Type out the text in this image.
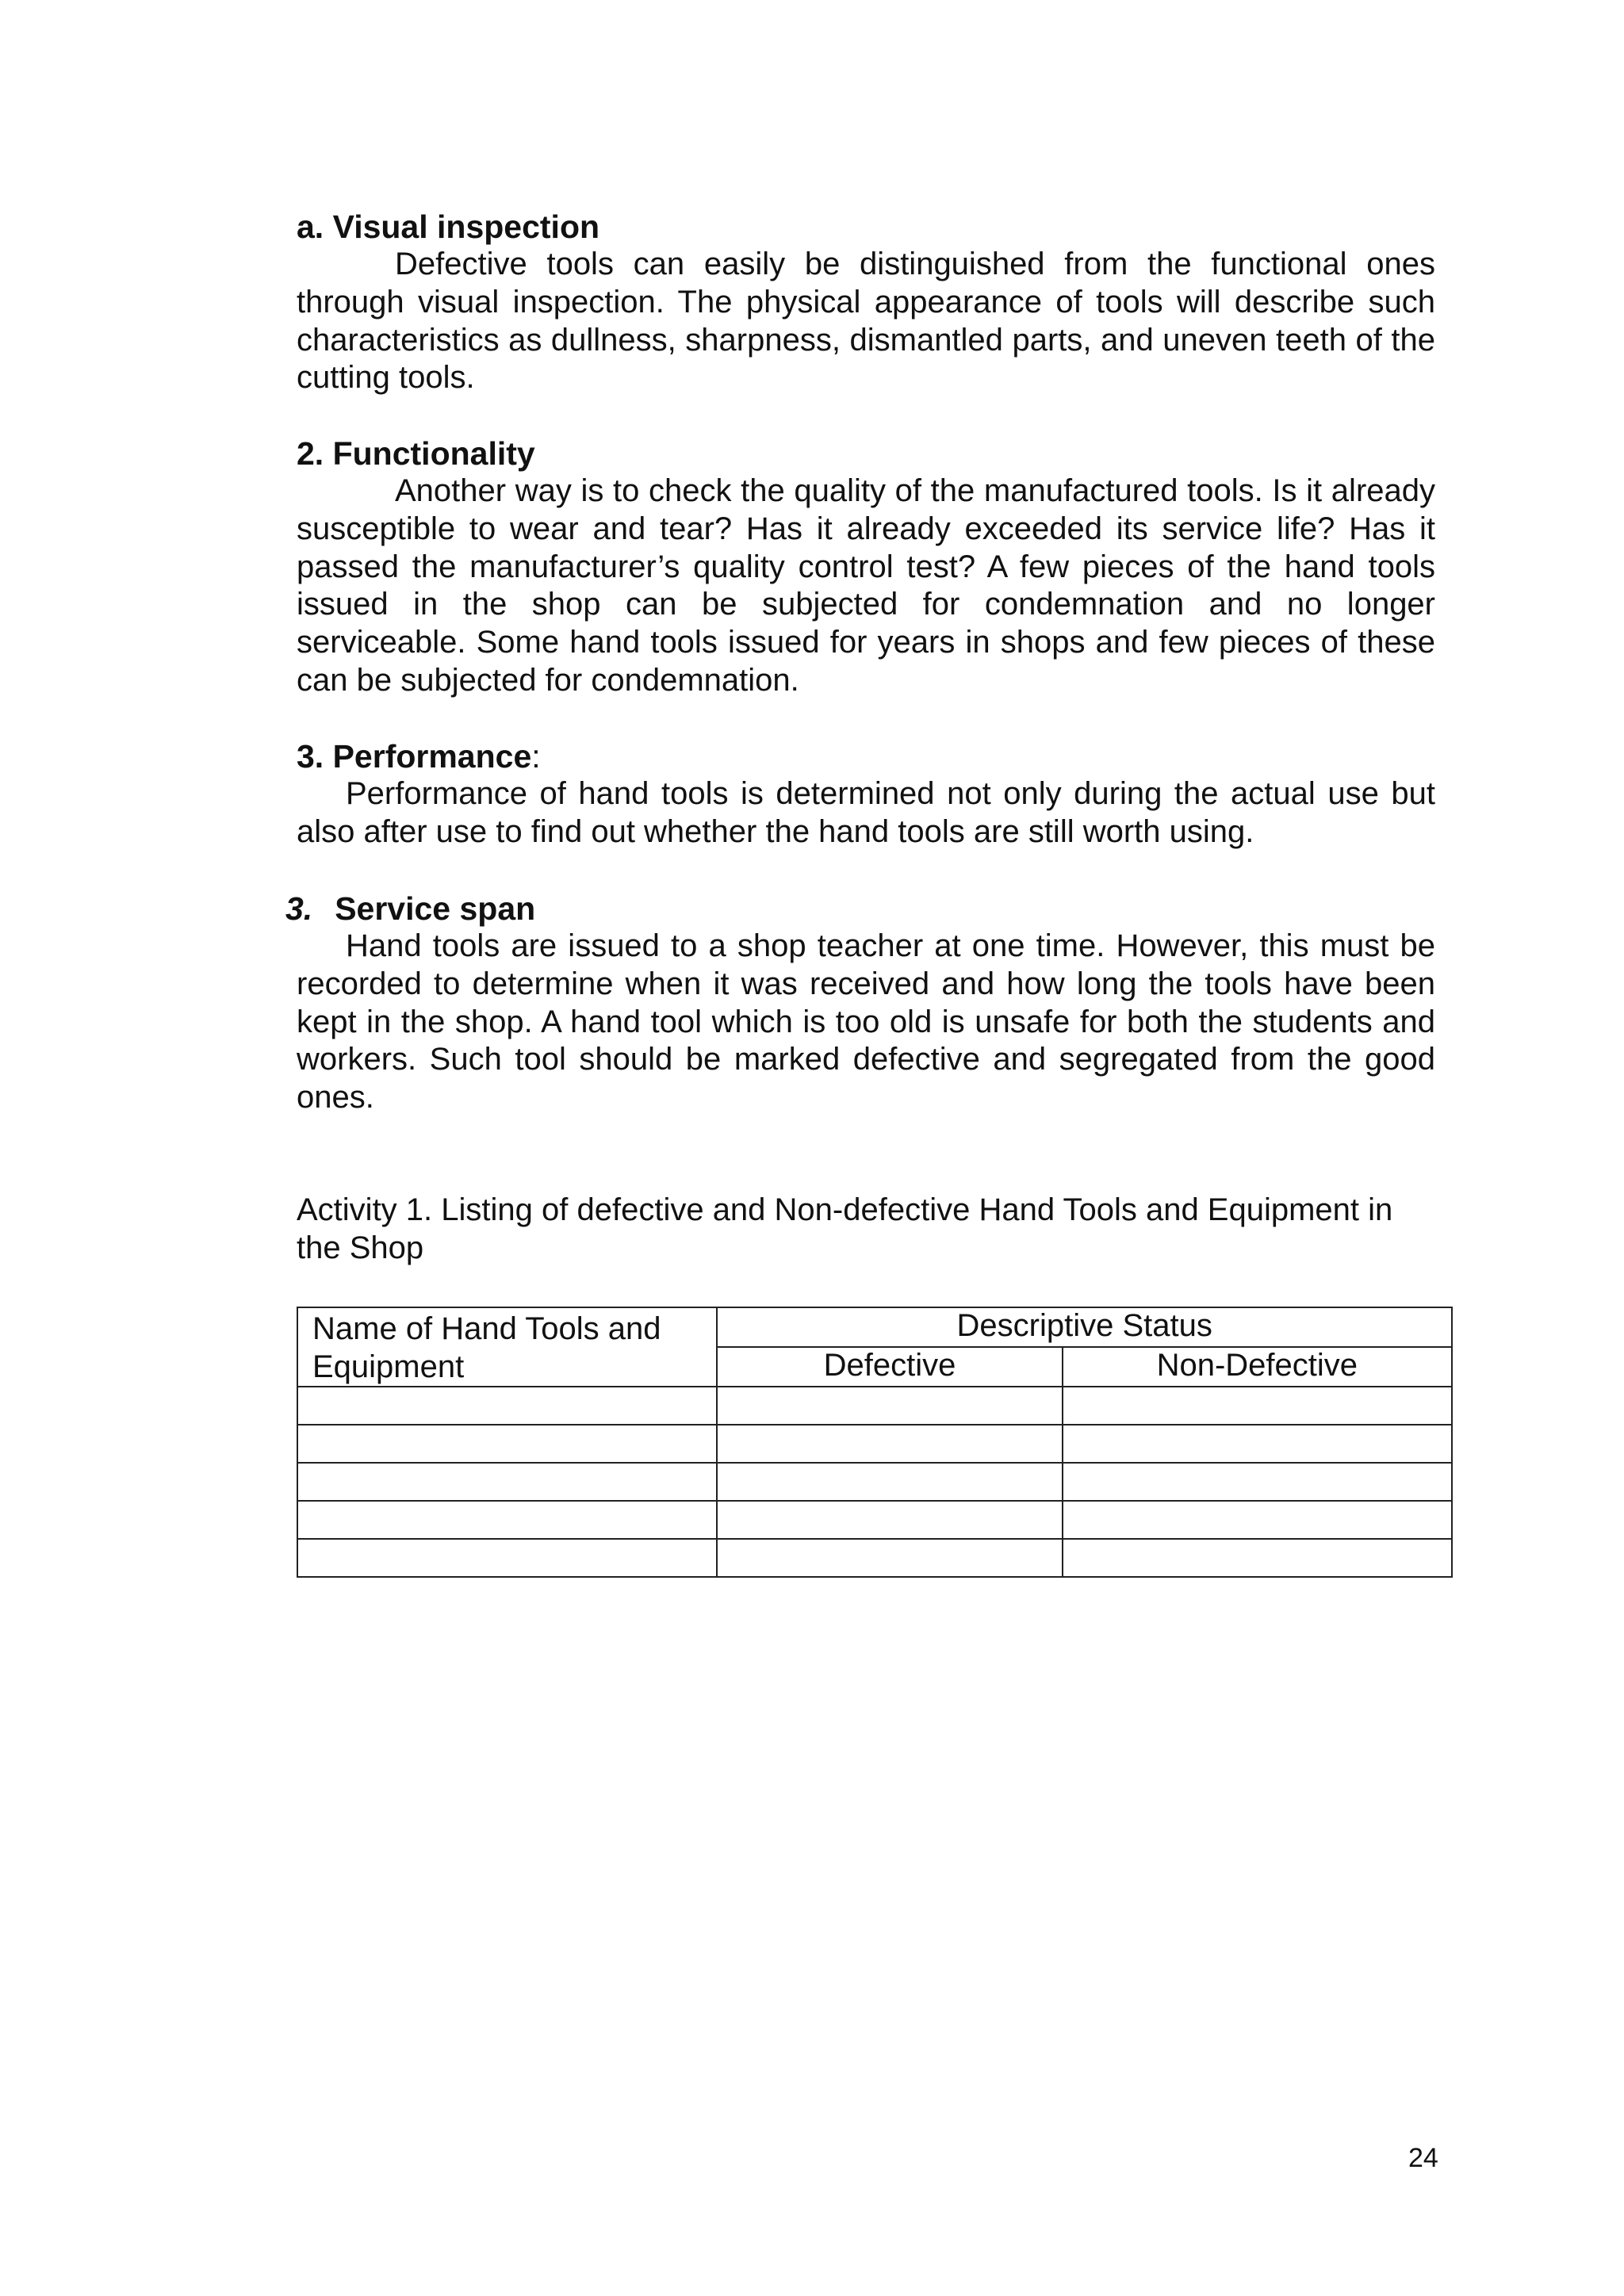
a. Visual inspection

Defective tools can easily be distinguished from the functional ones through visual inspection. The physical appearance of tools will describe such characteristics as dullness, sharpness, dismantled parts, and uneven teeth of the cutting tools.

2. Functionality

Another way is to check the quality of the manufactured tools. Is it already susceptible to wear and tear? Has it already exceeded its service life? Has it passed the manufacturer’s quality control test? A few pieces of the hand tools issued in the shop can be subjected for condemnation and no longer serviceable. Some hand tools issued for years in shops and few pieces of these can be subjected for condemnation.

3. Performance:

Performance of hand tools is determined not only during the actual use but also after use to find out whether the hand tools are still worth using.

3. Service span

Hand tools are issued to a shop teacher at one time. However, this must be recorded to determine when it was received and how long the tools have been kept in the shop. A hand tool which is too old is unsafe for both the students and workers. Such tool should be marked defective and segregated from the good ones.

Activity 1. Listing of defective and Non-defective Hand Tools and Equipment in the Shop

Name of Hand Tools and Equipment	Descriptive Status	
	Defective	Non-Defective

24
